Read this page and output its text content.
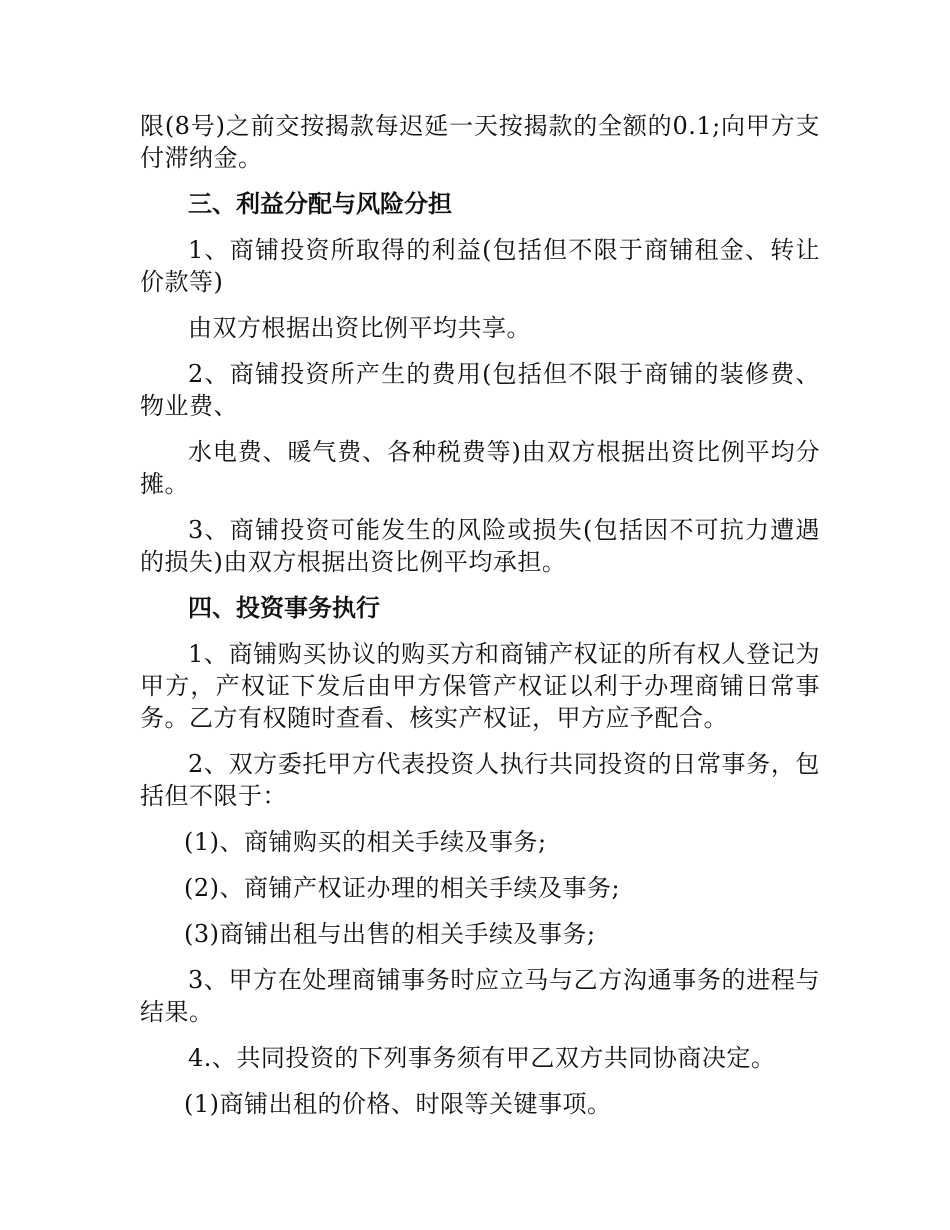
限(8号)之前交按揭款每迟延一天按揭款的全额的0.1;向甲方支付滞纳金。

三、利益分配与风险分担

1、商铺投资所取得的利益(包括但不限于商铺租金、转让价款等)

由双方根据出资比例平均共享。

2、商铺投资所产生的费用(包括但不限于商铺的装修费、物业费、

水电费、暖气费、各种税费等)由双方根据出资比例平均分摊。

3、商铺投资可能发生的风险或损失(包括因不可抗力遭遇的损失)由双方根据出资比例平均承担。

四、投资事务执行

1、商铺购买协议的购买方和商铺产权证的所有权人登记为甲方，产权证下发后由甲方保管产权证以利于办理商铺日常事务。乙方有权随时查看、核实产权证，甲方应予配合。

2、双方委托甲方代表投资人执行共同投资的日常事务，包括但不限于：

(1)、商铺购买的相关手续及事务;

(2)、商铺产权证办理的相关手续及事务;

(3)商铺出租与出售的相关手续及事务;

3、甲方在处理商铺事务时应立马与乙方沟通事务的进程与结果。

4.、共同投资的下列事务须有甲乙双方共同协商决定。

(1)商铺出租的价格、时限等关键事项。
